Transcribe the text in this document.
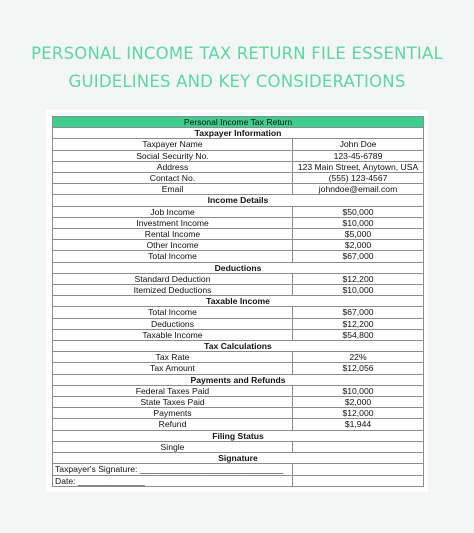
PERSONAL INCOME TAX RETURN FILE ESSENTIAL
GUIDELINES AND KEY CONSIDERATIONS
Personal Income Tax Return	
Taxpayer Information	
Taxpayer Name	John Doe
Social Security No.	123-45-6789
Address	123 Main Street, Anytown, USA
Contact No.	(555) 123-4567
Email	johndoe@email.com
Income Details	
Job Income	$50,000
Investment Income	$10,000
Rental Income	$5,000
Other Income	$2,000
Total Income	$67,000
Deductions	
Standard Deduction	$12,200
Itemized Deductions	$10,000
Taxable Income	
Total Income	$67,000
Deductions	$12,200
Taxable Income	$54,800
Tax Calculations	
Tax Rate	22%
Tax Amount	$12,056
Payments and Refunds	
Federal Taxes Paid	$10,000
State Taxes Paid	$2,000
Payments	$12,000
Refund	$1,944
Filing Status	
Single	
Signature	
Taxpayer's Signature: ______________________________	
Date: ______________	
